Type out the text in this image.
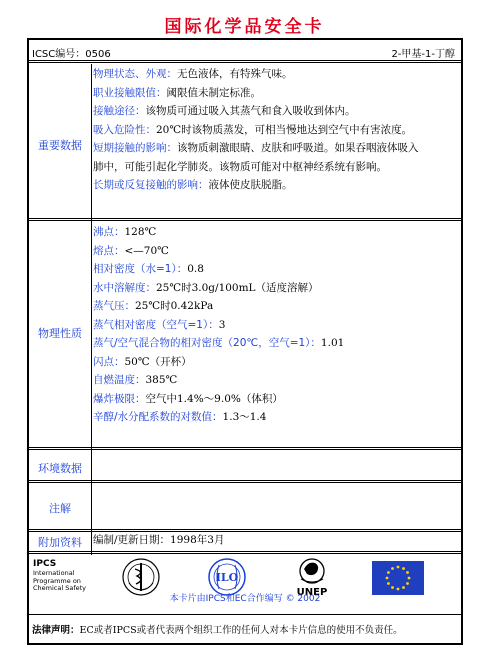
国际化学品安全卡
ICSC编号：0506	2-甲基-1-丁醇
重要数据

物理状态、外观：无色液体，有特殊气味。

职业接触限值：阈限值未制定标准。

接触途径：该物质可通过吸入其蒸气和食入吸收到体内。

吸入危险性：20℃时该物质蒸发，可相当慢地达到空气中有害浓度。

短期接触的影响：该物质刺激眼睛、皮肤和呼吸道。如果吞咽液体吸入

肺中，可能引起化学肺炎。该物质可能对中枢神经系统有影响。

长期或反复接触的影响：液体使皮肤脱脂。

物理性质

沸点：128℃

熔点：<—70℃

相对密度（水=1）：0.8

水中溶解度：25℃时3.0g/100mL（适度溶解）

蒸气压：25℃时0.42kPa

蒸气相对密度（空气=1）：3

蒸气/空气混合物的相对密度（20℃，空气=1）：1.01

闪点：50℃（开杯）

自燃温度：385℃

爆炸极限：空气中1.4%～9.0%（体积）

辛醇/水分配系数的对数值：1.3～1.4

环境数据
注解
附加资料	编制/更新日期：1998年3月
IPCS
International
Programme on
Chemical Safety
ILO
UNEP
本卡片由IPCS和EC合作编写 © 2002
法律声明：EC或者IPCS或者代表两个组织工作的任何人对本卡片信息的使用不负责任。
